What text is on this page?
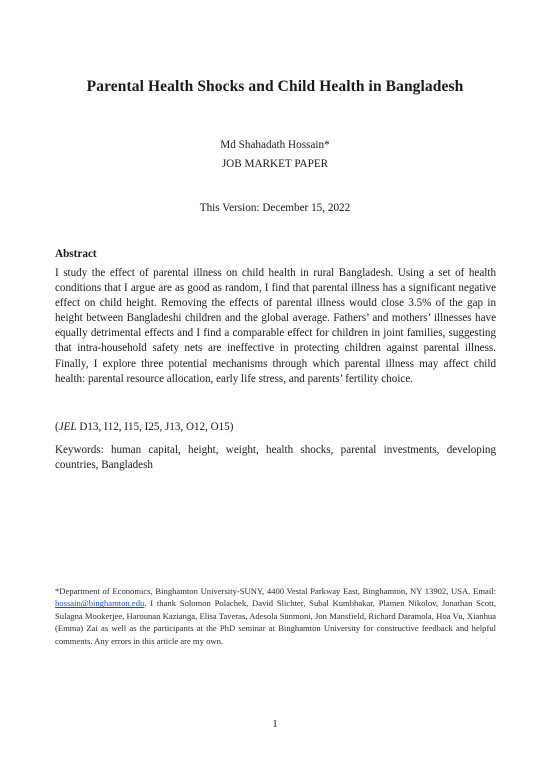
Parental Health Shocks and Child Health in Bangladesh
Md Shahadath Hossain*
JOB MARKET PAPER
This Version: December 15, 2022
Abstract
I study the effect of parental illness on child health in rural Bangladesh. Using a set of health conditions that I argue are as good as random, I find that parental illness has a significant negative effect on child height. Removing the effects of parental illness would close 3.5% of the gap in height between Bangladeshi children and the global average. Fathers’ and mothers’ illnesses have equally detrimental effects and I find a comparable effect for children in joint families, suggesting that intra-household safety nets are ineffective in protecting children against parental illness. Finally, I explore three potential mechanisms through which parental illness may affect child health: parental resource allocation, early life stress, and parents’ fertility choice.
(JEL D13, I12, I15, I25, J13, O12, O15)
Keywords: human capital, height, weight, health shocks, parental investments, developing countries, Bangladesh
*Department of Economics, Binghamton University-SUNY, 4400 Vestal Parkway East, Binghamton, NY 13902, USA. Email: hossain@binghamton.edu. I thank Solomon Polachek, David Slichter, Subal Kumbhakar, Plamen Nikolov, Jonathan Scott, Sulagna Mookerjee, Harounan Kazianga, Elisa Taveras, Adesola Sunmoni, Jon Mansfield, Richard Daramola, Hoa Vu, Xianhua (Emma) Zai as well as the participants at the PhD seminar at Binghamton University for constructive feedback and helpful comments. Any errors in this article are my own.
1
